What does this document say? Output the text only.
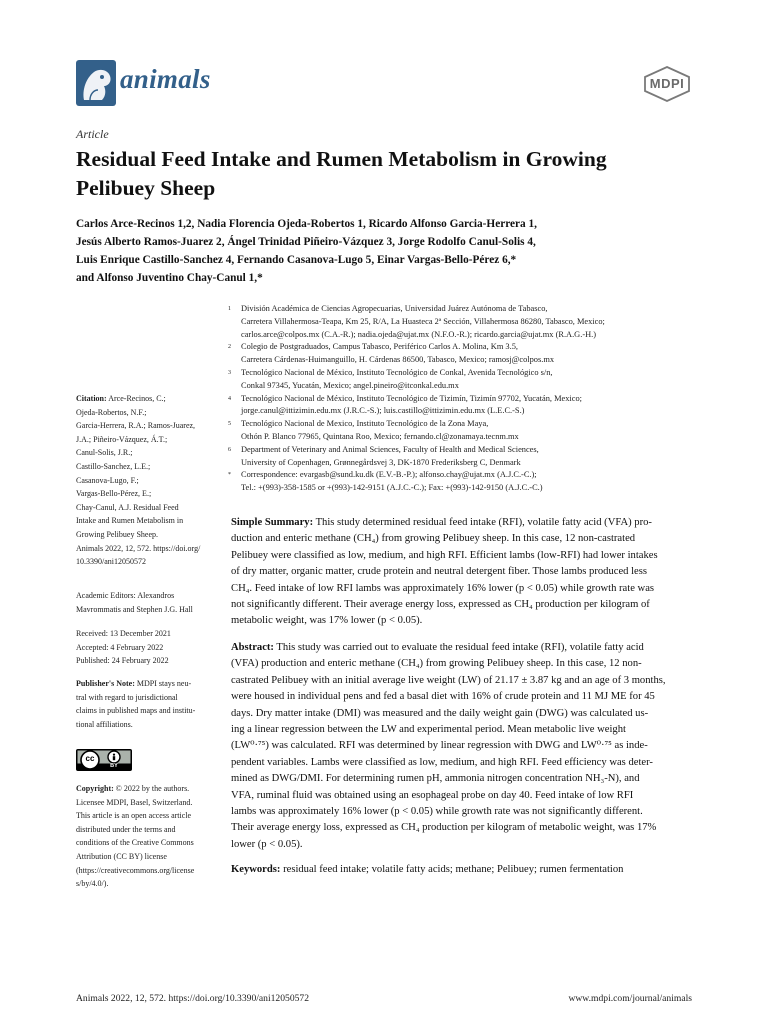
animals	MDPI
Article
Residual Feed Intake and Rumen Metabolism in Growing
Pelibuey Sheep
Carlos Arce-Recinos 1,2, Nadia Florencia Ojeda-Robertos 1, Ricardo Alfonso Garcia-Herrera 1,
Jesús Alberto Ramos-Juarez 2, Ángel Trinidad Piñeiro-Vázquez 3, Jorge Rodolfo Canul-Solis 4,
Luis Enrique Castillo-Sanchez 4, Fernando Casanova-Lugo 5, Einar Vargas-Bello-Pérez 6,*
and Alfonso Juventino Chay-Canul 1,*
1 División Académica de Ciencias Agropecuarias, Universidad Juárez Autónoma de Tabasco,
Carretera Villahermosa-Teapa, Km 25, R/A, La Huasteca 2ª Sección, Villahermosa 86280, Tabasco, Mexico;
carlos.arce@colpos.mx (C.A.-R.); nadia.ojeda@ujat.mx (N.F.O.-R.); ricardo.garcia@ujat.mx (R.A.G.-H.)
2 Colegio de Postgraduados, Campus Tabasco, Periférico Carlos A. Molina, Km 3.5,
Carretera Cárdenas-Huimanguillo, H. Cárdenas 86500, Tabasco, Mexico; ramosj@colpos.mx
3 Tecnológico Nacional de México, Instituto Tecnológico de Conkal, Avenida Tecnológico s/n,
Conkal 97345, Yucatán, Mexico; angel.pineiro@itconkal.edu.mx
4 Tecnológico Nacional de México, Instituto Tecnológico de Tizimín, Tizimín 97702, Yucatán, Mexico;
jorge.canul@ittizimin.edu.mx (J.R.C.-S.); luis.castillo@ittizimin.edu.mx (L.E.C.-S.)
5 Tecnológico Nacional de Mexico, Instituto Tecnológico de la Zona Maya,
Othón P. Blanco 77965, Quintana Roo, Mexico; fernando.cl@zonamaya.tecnm.mx
6 Department of Veterinary and Animal Sciences, Faculty of Health and Medical Sciences,
University of Copenhagen, Grønnegårdsvej 3, DK-1870 Frederiksberg C, Denmark
* Correspondence: evargasb@sund.ku.dk (E.V.-B.-P.); alfonso.chay@ujat.mx (A.J.C.-C.);
Tel.: +(993)-358-1585 or +(993)-142-9151 (A.J.C.-C.); Fax: +(993)-142-9150 (A.J.C.-C.)
Citation: Arce-Recinos, C.;
Ojeda-Robertos, N.F.;
Garcia-Herrera, R.A.; Ramos-Juarez,
J.A.; Piñeiro-Vázquez, Á.T.;
Canul-Solis, J.R.;
Castillo-Sanchez, L.E.;
Casanova-Lugo, F.;
Vargas-Bello-Pérez, E.;
Chay-Canul, A.J. Residual Feed
Intake and Rumen Metabolism in
Growing Pelibuey Sheep.
Animals 2022, 12, 572. https://doi.org/
10.3390/ani12050572
Academic Editors: Alexandros
Mavrommatis and Stephen J.G. Hall
Received: 13 December 2021
Accepted: 4 February 2022
Published: 24 February 2022
Publisher's Note: MDPI stays neu-
tral with regard to jurisdictional
claims in published maps and institu-
tional affiliations.
cc
BY
Copyright: © 2022 by the authors.
Licensee MDPI, Basel, Switzerland.
This article is an open access article
distributed under the terms and
conditions of the Creative Commons
Attribution (CC BY) license
(https://creativecommons.org/license
s/by/4.0/).
Simple Summary: This study determined residual feed intake (RFI), volatile fatty acid (VFA) pro-
duction and enteric methane (CH₄) from growing Pelibuey sheep. In this case, 12 non-castrated
Pelibuey were classified as low, medium, and high RFI. Efficient lambs (low-RFI) had lower intakes
of dry matter, organic matter, crude protein and neutral detergent fiber. Those lambs produced less
CH₄. Feed intake of low RFI lambs was approximately 16% lower (p < 0.05) while growth rate was
not significantly different. Their average energy loss, expressed as CH₄ production per kilogram of
metabolic weight, was 17% lower (p < 0.05).
Abstract: This study was carried out to evaluate the residual feed intake (RFI), volatile fatty acid
(VFA) production and enteric methane (CH₄) from growing Pelibuey sheep. In this case, 12 non-
castrated Pelibuey with an initial average live weight (LW) of 21.17 ± 3.87 kg and an age of 3 months,
were housed in individual pens and fed a basal diet with 16% of crude protein and 11 MJ ME for 45
days. Dry matter intake (DMI) was measured and the daily weight gain (DWG) was calculated us-
ing a linear regression between the LW and experimental period. Mean metabolic live weight
(LW⁰·⁷⁵) was calculated. RFI was determined by linear regression with DWG and LW⁰·⁷⁵ as inde-
pendent variables. Lambs were classified as low, medium, and high RFI. Feed efficiency was deter-
mined as DWG/DMI. For determining rumen pH, ammonia nitrogen concentration NH₃-N), and
VFA, ruminal fluid was obtained using an esophageal probe on day 40. Feed intake of low RFI
lambs was approximately 16% lower (p < 0.05) while growth rate was not significantly different.
Their average energy loss, expressed as CH₄ production per kilogram of metabolic weight, was 17%
lower (p < 0.05).
Keywords: residual feed intake; volatile fatty acids; methane; Pelibuey; rumen fermentation
Animals 2022, 12, 572. https://doi.org/10.3390/ani12050572	www.mdpi.com/journal/animals
